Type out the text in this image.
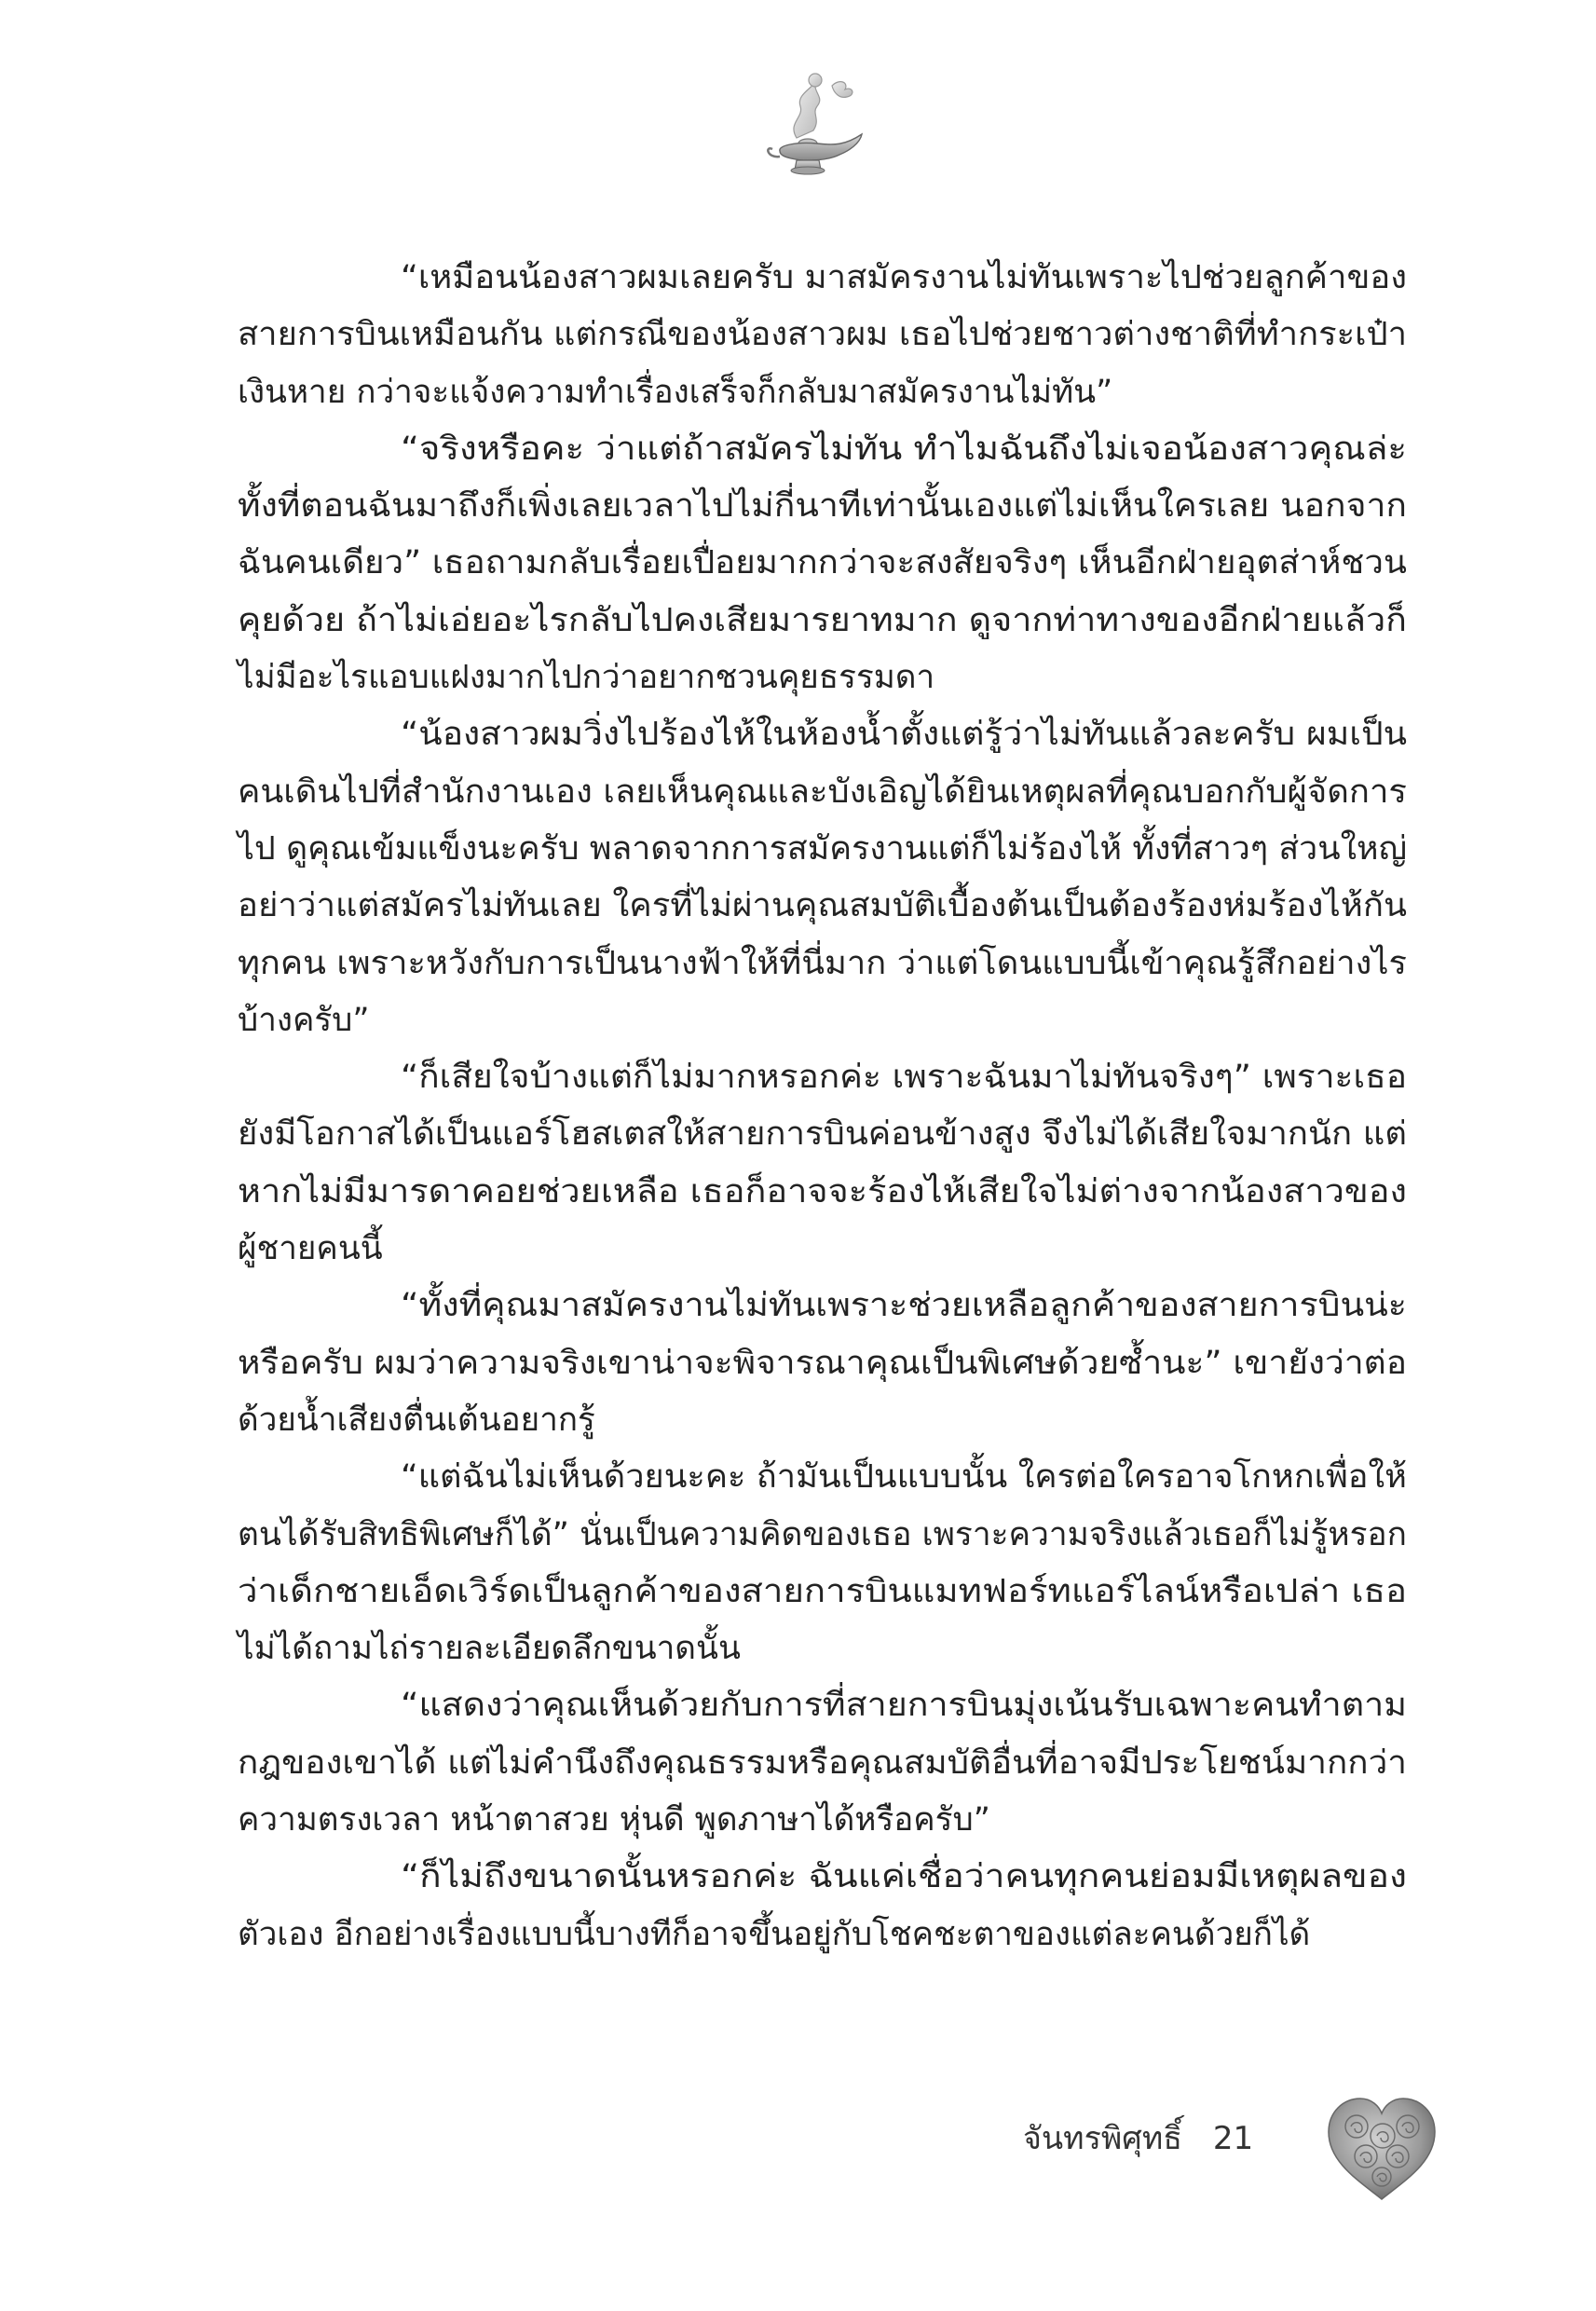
“เหมือนน้องสาวผมเลยครับ มาสมัครงานไม่ทันเพราะไปช่วยลูกค้าของ
สายการบินเหมือนกัน แต่กรณีของน้องสาวผม เธอไปช่วยชาวต่างชาติที่ทำกระเป๋า
เงินหาย กว่าจะแจ้งความทำเรื่องเสร็จก็กลับมาสมัครงานไม่ทัน”
“จริงหรือคะ ว่าแต่ถ้าสมัครไม่ทัน ทำไมฉันถึงไม่เจอน้องสาวคุณล่ะ
ทั้งที่ตอนฉันมาถึงก็เพิ่งเลยเวลาไปไม่กี่นาทีเท่านั้นเองแต่ไม่เห็นใครเลย นอกจาก
ฉันคนเดียว” เธอถามกลับเรื่อยเปื่อยมากกว่าจะสงสัยจริงๆ เห็นอีกฝ่ายอุตส่าห์ชวน
คุยด้วย ถ้าไม่เอ่ยอะไรกลับไปคงเสียมารยาทมาก ดูจากท่าทางของอีกฝ่ายแล้วก็
ไม่มีอะไรแอบแฝงมากไปกว่าอยากชวนคุยธรรมดา
“น้องสาวผมวิ่งไปร้องไห้ในห้องน้ำตั้งแต่รู้ว่าไม่ทันแล้วละครับ ผมเป็น
คนเดินไปที่สำนักงานเอง เลยเห็นคุณและบังเอิญได้ยินเหตุผลที่คุณบอกกับผู้จัดการ
ไป ดูคุณเข้มแข็งนะครับ พลาดจากการสมัครงานแต่ก็ไม่ร้องไห้ ทั้งที่สาวๆ ส่วนใหญ่
อย่าว่าแต่สมัครไม่ทันเลย ใครที่ไม่ผ่านคุณสมบัติเบื้องต้นเป็นต้องร้องห่มร้องไห้กัน
ทุกคน เพราะหวังกับการเป็นนางฟ้าให้ที่นี่มาก ว่าแต่โดนแบบนี้เข้าคุณรู้สึกอย่างไร
บ้างครับ”
“ก็เสียใจบ้างแต่ก็ไม่มากหรอกค่ะ เพราะฉันมาไม่ทันจริงๆ” เพราะเธอ
ยังมีโอกาสได้เป็นแอร์โฮสเตสให้สายการบินค่อนข้างสูง จึงไม่ได้เสียใจมากนัก แต่
หากไม่มีมารดาคอยช่วยเหลือ เธอก็อาจจะร้องไห้เสียใจไม่ต่างจากน้องสาวของ
ผู้ชายคนนี้
“ทั้งที่คุณมาสมัครงานไม่ทันเพราะช่วยเหลือลูกค้าของสายการบินน่ะ
หรือครับ ผมว่าความจริงเขาน่าจะพิจารณาคุณเป็นพิเศษด้วยซ้ำนะ” เขายังว่าต่อ
ด้วยน้ำเสียงตื่นเต้นอยากรู้
“แต่ฉันไม่เห็นด้วยนะคะ ถ้ามันเป็นแบบนั้น ใครต่อใครอาจโกหกเพื่อให้
ตนได้รับสิทธิพิเศษก็ได้” นั่นเป็นความคิดของเธอ เพราะความจริงแล้วเธอก็ไม่รู้หรอก
ว่าเด็กชายเอ็ดเวิร์ดเป็นลูกค้าของสายการบินแมทฟอร์ทแอร์ไลน์หรือเปล่า เธอ
ไม่ได้ถามไถ่รายละเอียดลึกขนาดนั้น
“แสดงว่าคุณเห็นด้วยกับการที่สายการบินมุ่งเน้นรับเฉพาะคนทำตาม
กฎของเขาได้ แต่ไม่คำนึงถึงคุณธรรมหรือคุณสมบัติอื่นที่อาจมีประโยชน์มากกว่า
ความตรงเวลา หน้าตาสวย หุ่นดี พูดภาษาได้หรือครับ”
“ก็ไม่ถึงขนาดนั้นหรอกค่ะ ฉันแค่เชื่อว่าคนทุกคนย่อมมีเหตุผลของ
ตัวเอง อีกอย่างเรื่องแบบนี้บางทีก็อาจขึ้นอยู่กับโชคชะตาของแต่ละคนด้วยก็ได้
จันทรพิศุทธิ์ 21
